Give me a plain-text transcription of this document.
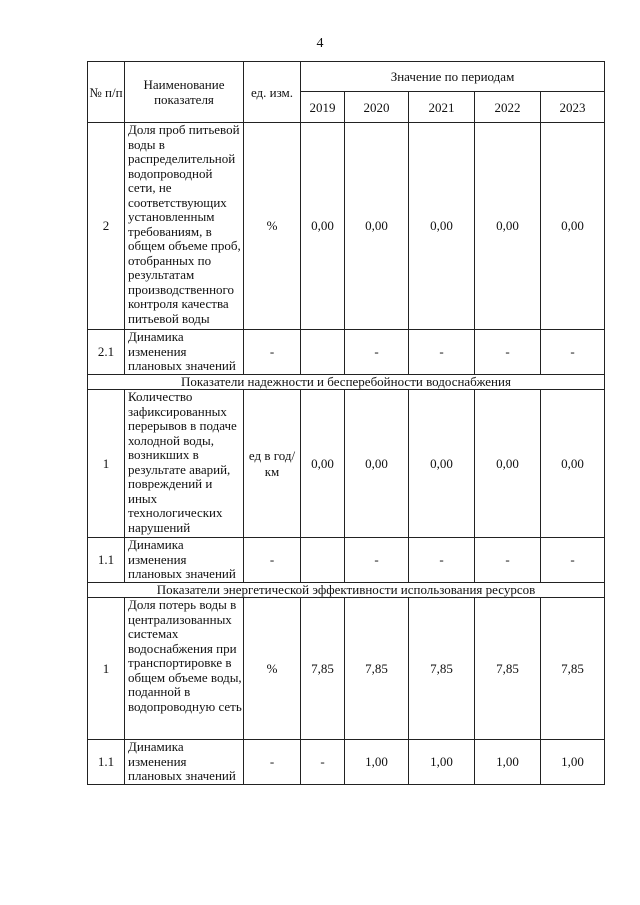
4
№ п/п	Наименование показателя	ед. изм.	Значение по периодам				
			2019	2020	2021	2022	2023
2	Доля проб питьевой воды в распределительной водопроводной сети, не соответствующих установленным требованиям, в общем объеме проб, отобранных по результатам производственного контроля качества питьевой воды	%	0,00	0,00	0,00	0,00	0,00
2.1	Динамика изменения плановых значений	-		-	-	-	-
Показатели надежности и бесперебойности водоснабжения							
1	Количество зафиксированных перерывов в подаче холодной воды, возникших в результате аварий, повреждений и иных технологических нарушений	ед в год/ км	0,00	0,00	0,00	0,00	0,00
1.1	Динамика изменения плановых значений	-		-	-	-	-
Показатели энергетической эффективности использования ресурсов							
1	Доля потерь воды в централизованных системах водоснабжения при транспортировке в общем объеме воды, поданной в водопроводную сеть	%	7,85	7,85	7,85	7,85	7,85
1.1	Динамика изменения плановых значений	-	-	1,00	1,00	1,00	1,00
